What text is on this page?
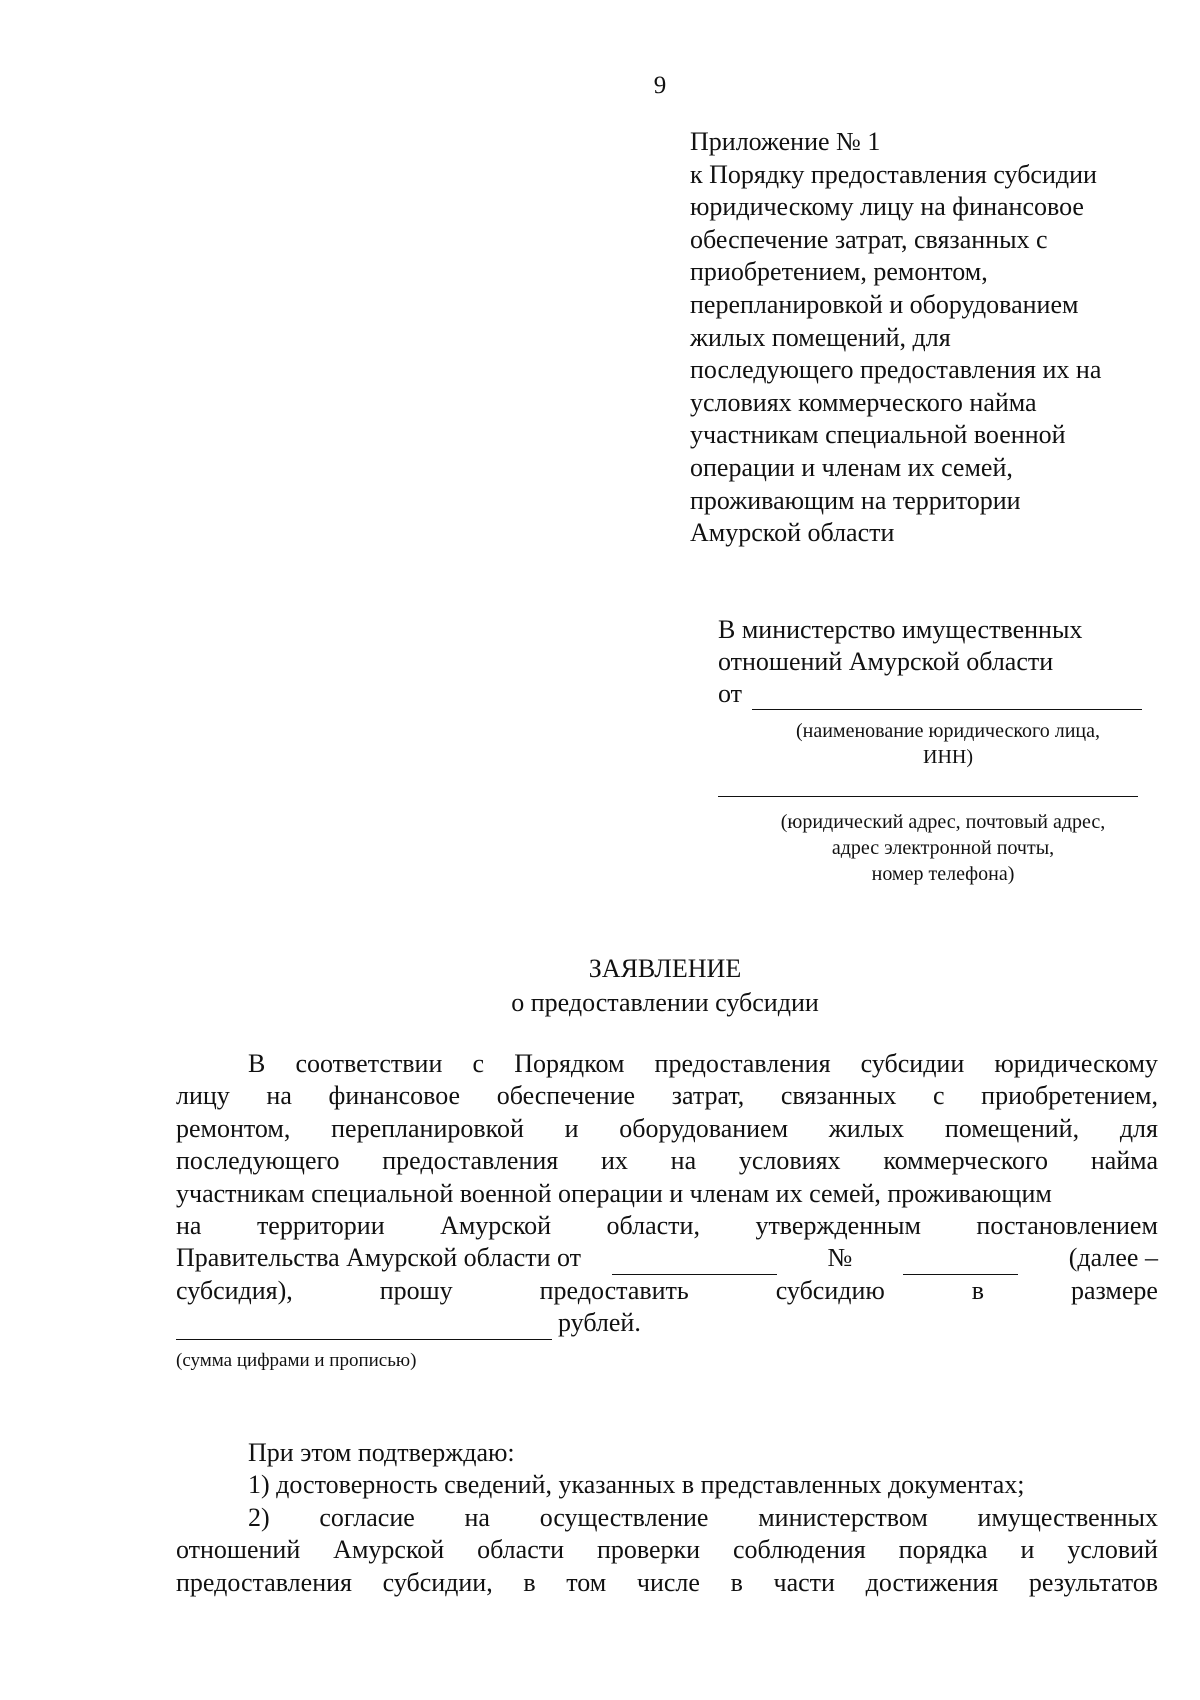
9
Приложение № 1
к Порядку предоставления субсидии
юридическому лицу на финансовое
обеспечение затрат, связанных с
приобретением, ремонтом,
перепланировкой и оборудованием
жилых помещений, для
последующего предоставления их на
условиях коммерческого найма
участникам специальной военной
операции и членам их семей,
проживающим на территории
Амурской области
В министерство имущественных
отношений Амурской области
от
(наименование юридического лица,
ИНН)
(юридический адрес, почтовый адрес,
адрес электронной почты,
номер телефона)
ЗАЯВЛЕНИЕ
о предоставлении субсидии
В соответствии с Порядком предоставления субсидии юридическому
лицу на финансовое обеспечение затрат, связанных с приобретением,
ремонтом, перепланировкой и оборудованием жилых помещений, для
последующего предоставления их на условиях коммерческого найма
участникам специальной военной операции и членам их семей, проживающим
на территории Амурской области, утвержденным постановлением
Правительства Амурской области от	№	(далее –
субсидия),	прошу	предоставить	субсидию	в	размере
рублей.
(сумма цифрами и прописью)
При этом подтверждаю:
1) достоверность сведений, указанных в представленных документах;
2) согласие на осуществление министерством имущественных
отношений Амурской области проверки соблюдения порядка и условий
предоставления субсидии, в том числе в части достижения результатов
